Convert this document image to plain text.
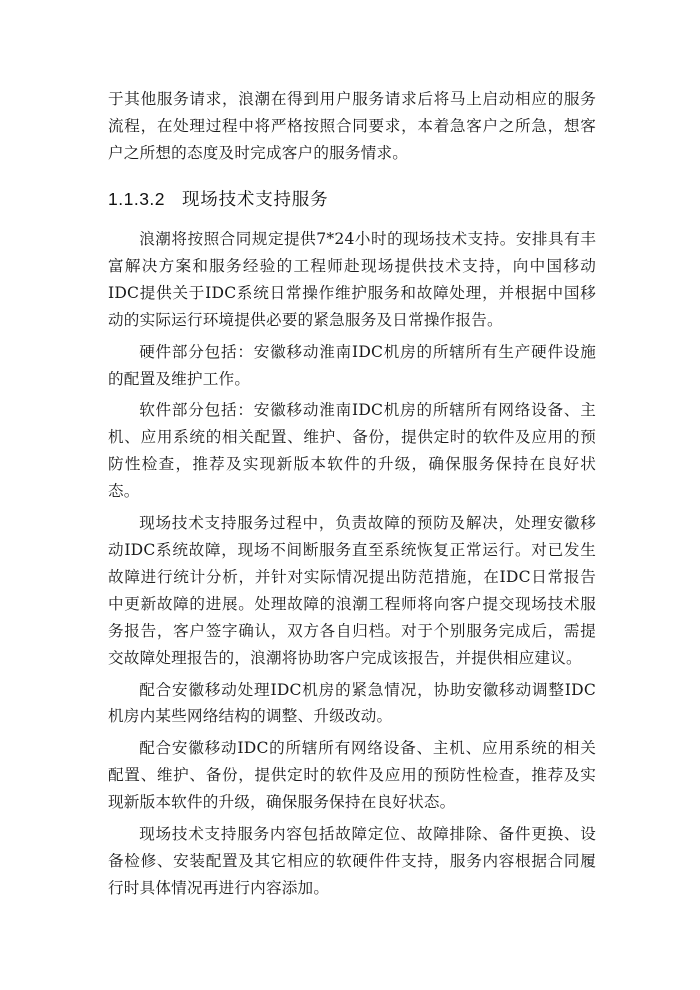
于其他服务请求，浪潮在得到用户服务请求后将马上启动相应的服务流程，在处理过程中将严格按照合同要求，本着急客户之所急，想客户之所想的态度及时完成客户的服务情求。

1.1.3.2 现场技术支持服务

浪潮将按照合同规定提供7*24小时的现场技术支持。安排具有丰富解决方案和服务经验的工程师赴现场提供技术支持，向中国移动IDC提供关于IDC系统日常操作维护服务和故障处理，并根据中国移动的实际运行环境提供必要的紧急服务及日常操作报告。

硬件部分包括：安徽移动淮南IDC机房的所辖所有生产硬件设施的配置及维护工作。

软件部分包括：安徽移动淮南IDC机房的所辖所有网络设备、主机、应用系统的相关配置、维护、备份，提供定时的软件及应用的预防性检查，推荐及实现新版本软件的升级，确保服务保持在良好状态。

现场技术支持服务过程中，负责故障的预防及解决，处理安徽移动IDC系统故障，现场不间断服务直至系统恢复正常运行。对已发生故障进行统计分析，并针对实际情况提出防范措施，在IDC日常报告中更新故障的进展。处理故障的浪潮工程师将向客户提交现场技术服务报告，客户签字确认，双方各自归档。对于个别服务完成后，需提交故障处理报告的，浪潮将协助客户完成该报告，并提供相应建议。

配合安徽移动处理IDC机房的紧急情况，协助安徽移动调整IDC机房内某些网络结构的调整、升级改动。

配合安徽移动IDC的所辖所有网络设备、主机、应用系统的相关配置、维护、备份，提供定时的软件及应用的预防性检查，推荐及实现新版本软件的升级，确保服务保持在良好状态。

现场技术支持服务内容包括故障定位、故障排除、备件更换、设备检修、安装配置及其它相应的软硬件件支持，服务内容根据合同履行时具体情况再进行内容添加。
